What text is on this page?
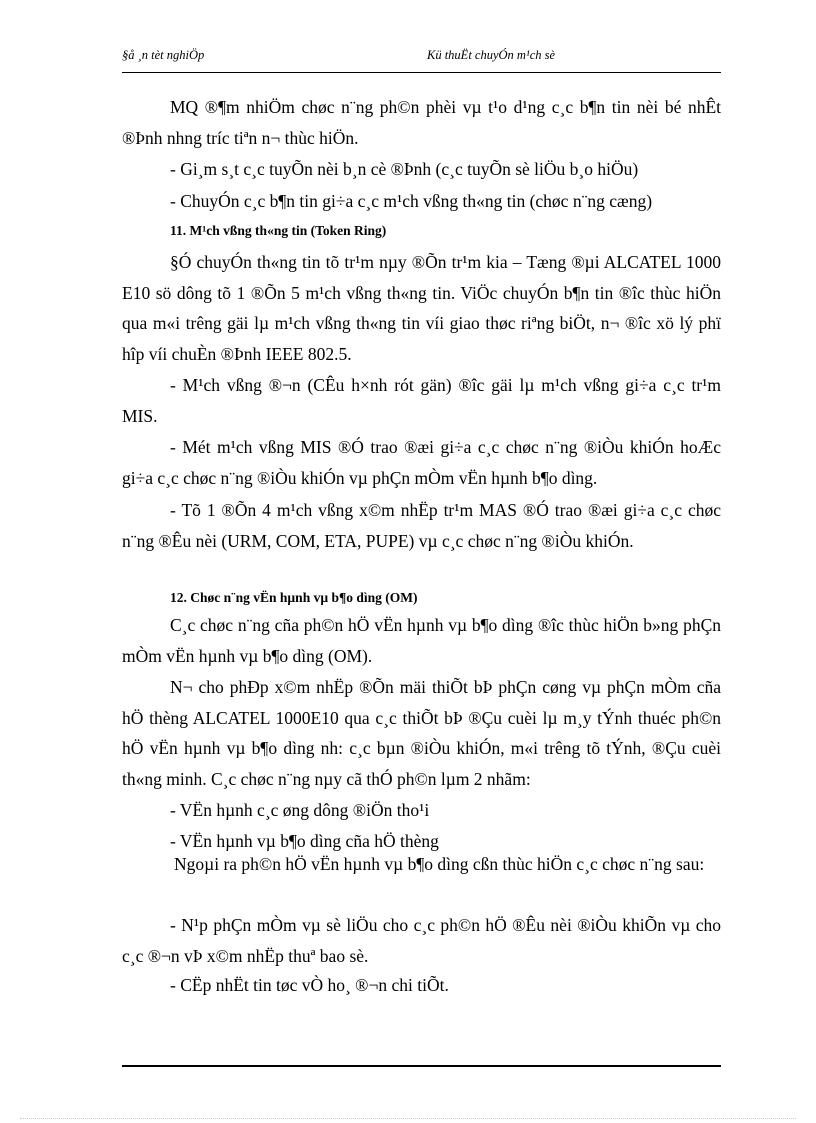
§å ¸n tèt nghiÖp	Kü thuËt chuyÓn m¹ch sè

MQ ®¶m nhiÖm chøc n¨ng ph©n phèi vµ t¹o d¹ng c¸c b¶n tin nèi bé nhÊt ®Þnh nhng tríc tiªn n¬ thùc hiÖn.

- Gi¸m s¸t c¸c tuyÕn nèi b¸n cè ®Þnh (c¸c tuyÕn sè liÖu b¸o hiÖu)

- ChuyÓn c¸c b¶n tin gi÷a c¸c m¹ch vßng th«ng tin (chøc n¨ng cæng)

11. M¹ch vßng th«ng tin (Token Ring)

§Ó chuyÓn th«ng tin tõ tr¹m nµy ®Õn tr¹m kia – Tæng ®µi ALCATEL 1000 E10 sö dông tõ 1 ®Õn 5 m¹ch vßng th«ng tin. ViÖc chuyÓn b¶n tin ®îc thùc hiÖn qua m«i trêng gäi lµ m¹ch vßng th«ng tin víi giao thøc riªng biÖt, n¬ ®îc xö lý phï hîp víi chuÈn ®Þnh IEEE 802.5.

- M¹ch vßng ®¬n (CÊu h×nh rót gän) ®îc gäi lµ m¹ch vßng gi÷a c¸c tr¹m MIS.

- Mét m¹ch vßng MIS ®Ó trao ®æi gi÷a c¸c chøc n¨ng ®iÒu khiÓn hoÆc gi÷a c¸c chøc n¨ng ®iÒu khiÓn vµ phÇn mÒm vËn hµnh b¶o dìng.

- Tõ 1 ®Õn 4 m¹ch vßng x©m nhËp tr¹m MAS ®Ó trao ®æi gi÷a c¸c chøc n¨ng ®Êu nèi (URM, COM, ETA, PUPE) vµ c¸c chøc n¨ng ®iÒu khiÓn.

12. Chøc n¨ng vËn hµnh vµ b¶o dìng (OM)

C¸c chøc n¨ng cña ph©n hÖ vËn hµnh vµ b¶o dìng ®îc thùc hiÖn b»ng phÇn mÒm vËn hµnh vµ b¶o dìng (OM).

N¬ cho phÐp x©m nhËp ®Õn mäi thiÕt bÞ phÇn cøng vµ phÇn mÒm cña hÖ thèng ALCATEL 1000E10 qua c¸c thiÕt bÞ ®Çu cuèi lµ m¸y tÝnh thuéc ph©n hÖ vËn hµnh vµ b¶o dìng nh: c¸c bµn ®iÒu khiÓn, m«i trêng tõ tÝnh, ®Çu cuèi th«ng minh. C¸c chøc n¨ng nµy cã thÓ ph©n lµm 2 nhãm:

- VËn hµnh c¸c øng dông ®iÖn tho¹i

- VËn hµnh vµ b¶o dìng cña hÖ thèng

Ngoµi ra ph©n hÖ vËn hµnh vµ b¶o dìng cßn thùc hiÖn c¸c chøc n¨ng sau:

- N¹p phÇn mÒm vµ sè liÖu cho c¸c ph©n hÖ ®Êu nèi ®iÒu khiÕn vµ cho c¸c ®¬n vÞ x©m nhËp thuª bao sè.

- CËp nhËt tin tøc vÒ ho¸ ®¬n chi tiÕt.
